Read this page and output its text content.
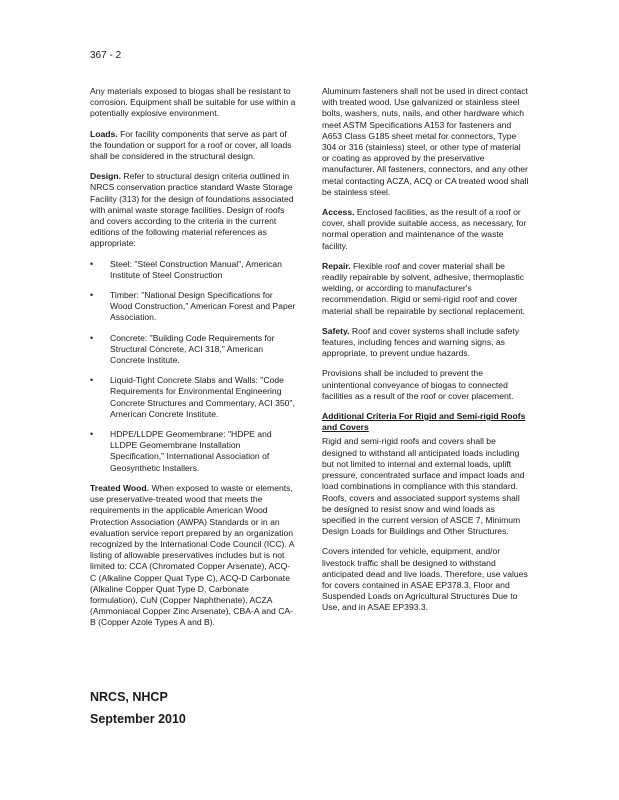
367 - 2

Any materials exposed to biogas shall be resistant to corrosion. Equipment shall be suitable for use within a potentially explosive environment.

Loads. For facility components that serve as part of the foundation or support for a roof or cover, all loads shall be considered in the structural design.

Design. Refer to structural design criteria outlined in NRCS conservation practice standard Waste Storage Facility (313) for the design of foundations associated with animal waste storage facilities. Design of roofs and covers according to the criteria in the current editions of the following material references as appropriate:

• Steel: "Steel Construction Manual", American Institute of Steel Construction
• Timber: "National Design Specifications for Wood Construction," American Forest and Paper Association.
• Concrete: "Building Code Requirements for Structural Concrete, ACI 318," American Concrete Institute.
• Liquid-Tight Concrete Slabs and Walls: "Code Requirements for Environmental Engineering Concrete Structures and Commentary, ACI 350", American Concrete Institute.
• HDPE/LLDPE Geomembrane: "HDPE and LLDPE Geomembrane Installation Specification," International Association of Geosynthetic Installers.

Treated Wood. When exposed to waste or elements, use preservative-treated wood that meets the requirements in the applicable American Wood Protection Association (AWPA) Standards or in an evaluation service report prepared by an organization recognized by the International Code Council (ICC). A listing of allowable preservatives includes but is not limited to: CCA (Chromated Copper Arsenate), ACQ-C (Alkaline Copper Quat Type C), ACQ-D Carbonate (Alkaline Copper Quat Type D, Carbonate formulation), CuN (Copper Naphthenate), ACZA (Ammoniacal Copper Zinc Arsenate), CBA-A and CA-B (Copper Azole Types A and B).

Aluminum fasteners shall not be used in direct contact with treated wood. Use galvanized or stainless steel bolts, washers, nuts, nails, and other hardware which meet ASTM Specifications A153 for fasteners and A653 Class G185 sheet metal for connectors, Type 304 or 316 (stainless) steel, or other type of material or coating as approved by the preservative manufacturer. All fasteners, connectors, and any other metal contacting ACZA, ACQ or CA treated wood shall be stainless steel.

Access. Enclosed facilities, as the result of a roof or cover, shall provide suitable access, as necessary, for normal operation and maintenance of the waste facility.

Repair. Flexible roof and cover material shall be readily repairable by solvent, adhesive, thermoplastic welding, or according to manufacturer's recommendation. Rigid or semi-rigid roof and cover material shall be repairable by sectional replacement.

Safety. Roof and cover systems shall include safety features, including fences and warning signs, as appropriate, to prevent undue hazards.

Provisions shall be included to prevent the unintentional conveyance of biogas to connected facilities as a result of the roof or cover placement.

Additional Criteria For Rigid and Semi-rigid Roofs and Covers

Rigid and semi-rigid roofs and covers shall be designed to withstand all anticipated loads including but not limited to internal and external loads, uplift pressure, concentrated surface and impact loads and load combinations in compliance with this standard. Roofs, covers and associated support systems shall be designed to resist snow and wind loads as specified in the current version of ASCE 7, Minimum Design Loads for Buildings and Other Structures.

Covers intended for vehicle, equipment, and/or livestock traffic shall be designed to withstand anticipated dead and live loads. Therefore, use values for covers contained in ASAE EP378.3, Floor and Suspended Loads on Agricultural Structures Due to Use, and in ASAE EP393.3.

NRCS, NHCP
September 2010
